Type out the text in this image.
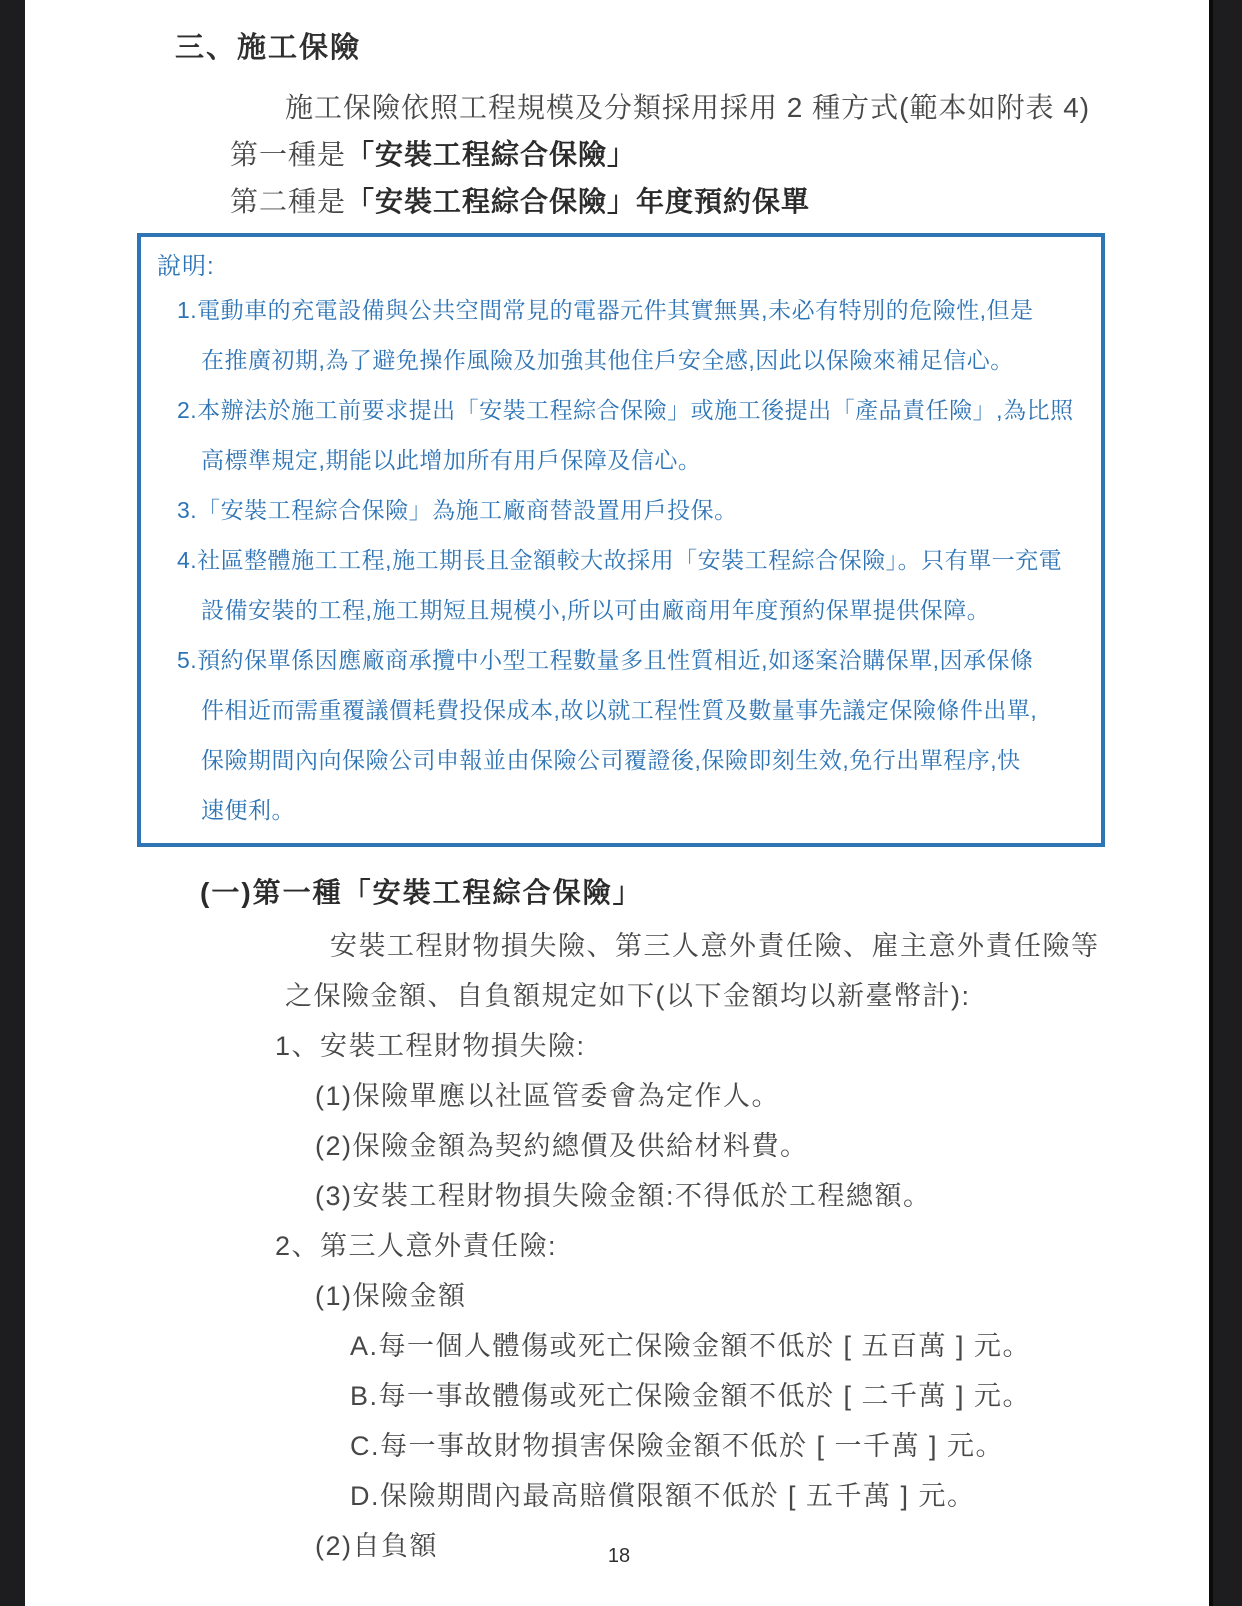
三、施工保險
施工保險依照工程規模及分類採用採用 2 種方式(範本如附表 4)
第一種是「安裝工程綜合保險」
第二種是「安裝工程綜合保險」年度預約保單
說明:
1.電動車的充電設備與公共空間常見的電器元件其實無異,未必有特別的危險性,但是
在推廣初期,為了避免操作風險及加強其他住戶安全感,因此以保險來補足信心。
2.本辦法於施工前要求提出「安裝工程綜合保險」或施工後提出「產品責任險」,為比照
高標準規定,期能以此增加所有用戶保障及信心。
3.「安裝工程綜合保險」為施工廠商替設置用戶投保。
4.社區整體施工工程,施工期長且金額較大故採用「安裝工程綜合保險」。只有單一充電
設備安裝的工程,施工期短且規模小,所以可由廠商用年度預約保單提供保障。
5.預約保單係因應廠商承攬中小型工程數量多且性質相近,如逐案洽購保單,因承保條
件相近而需重覆議價耗費投保成本,故以就工程性質及數量事先議定保險條件出單,
保險期間內向保險公司申報並由保險公司覆證後,保險即刻生效,免行出單程序,快
速便利。
(一)第一種「安裝工程綜合保險」
安裝工程財物損失險、第三人意外責任險、雇主意外責任險等
之保險金額、自負額規定如下(以下金額均以新臺幣計):
1、安裝工程財物損失險:
(1)保險單應以社區管委會為定作人。
(2)保險金額為契約總價及供給材料費。
(3)安裝工程財物損失險金額:不得低於工程總額。
2、第三人意外責任險:
(1)保險金額
A.每一個人體傷或死亡保險金額不低於 [ 五百萬 ] 元。
B.每一事故體傷或死亡保險金額不低於 [ 二千萬 ] 元。
C.每一事故財物損害保險金額不低於 [ 一千萬 ] 元。
D.保險期間內最高賠償限額不低於 [ 五千萬 ] 元。
(2)自負額	18
